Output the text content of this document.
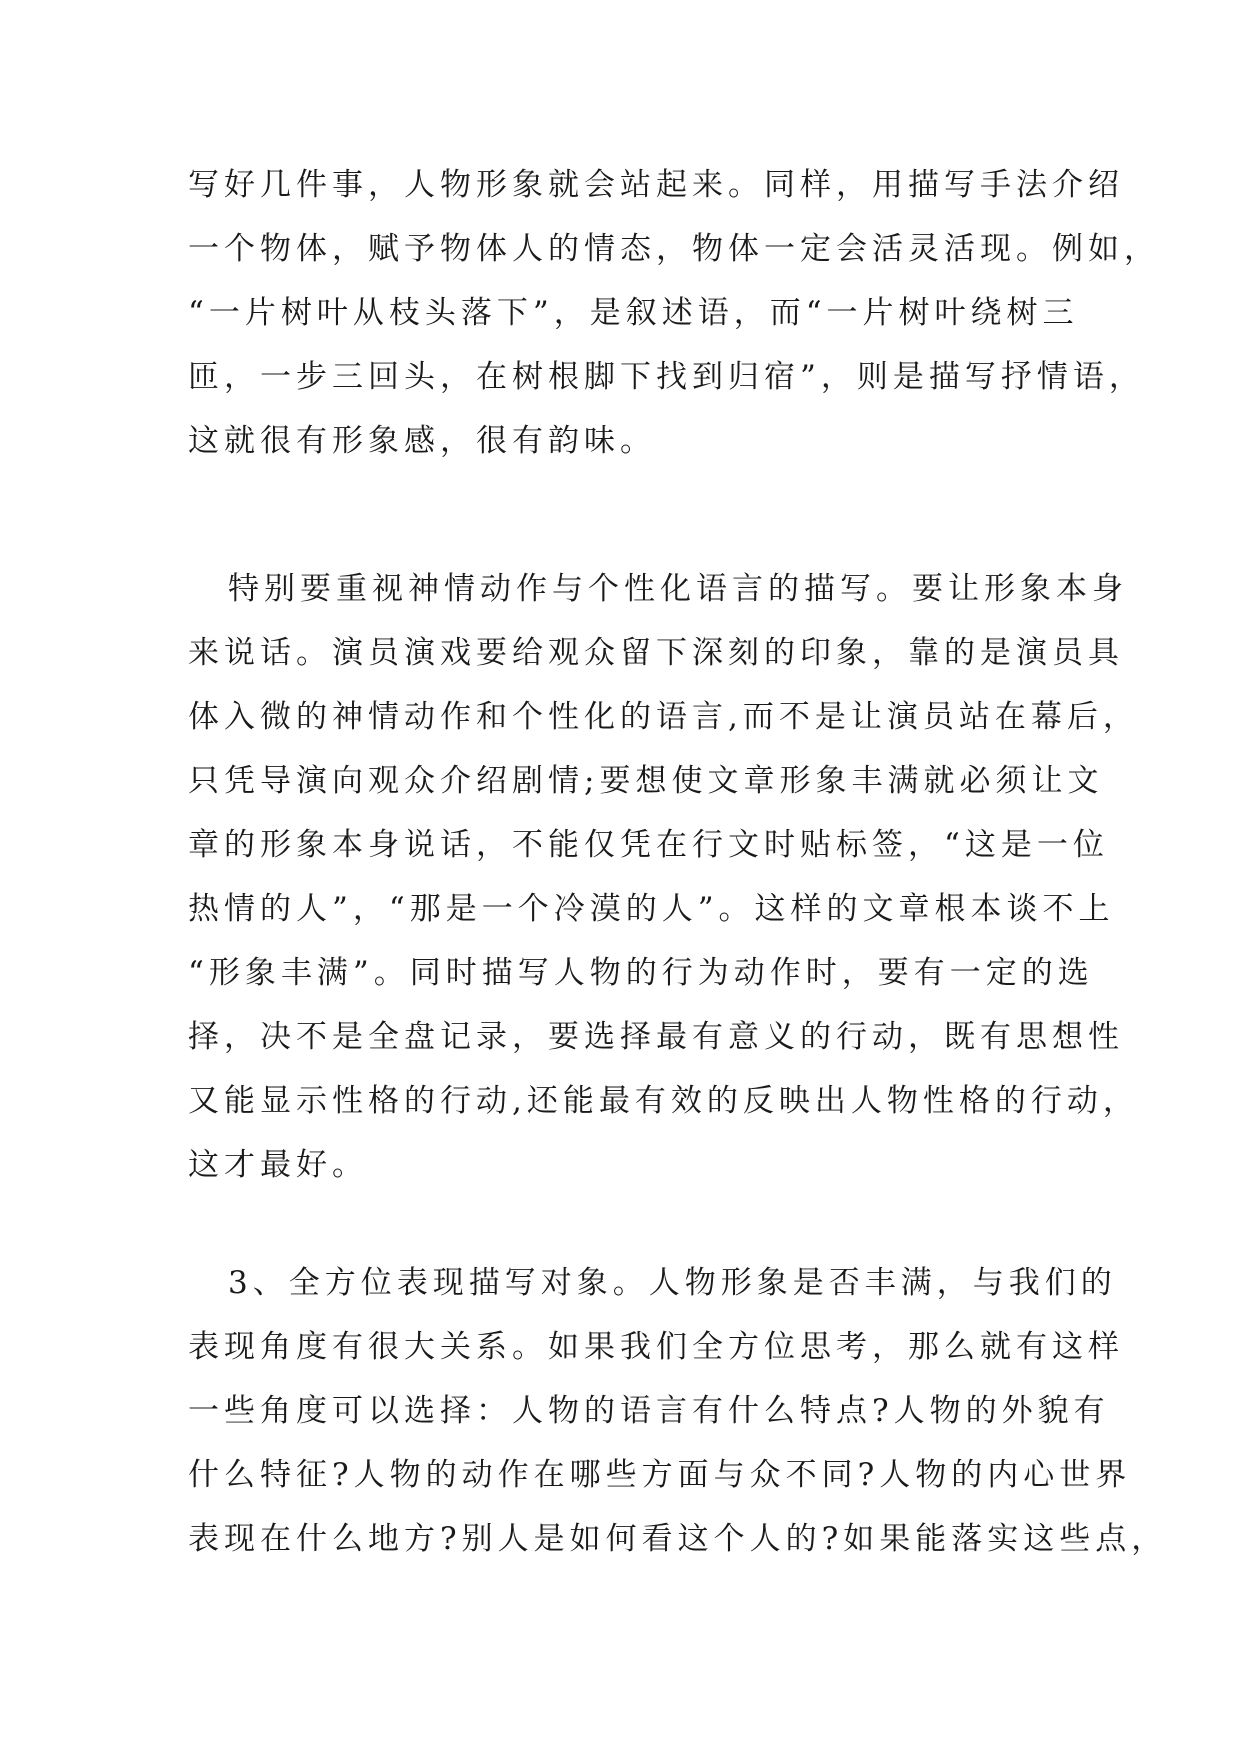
写好几件事，人物形象就会站起来。同样，用描写手法介绍
一个物体，赋予物体人的情态，物体一定会活灵活现。例如，
“一片树叶从枝头落下”，是叙述语，而“一片树叶绕树三
匝，一步三回头，在树根脚下找到归宿”，则是描写抒情语，
这就很有形象感，很有韵味。
特别要重视神情动作与个性化语言的描写。要让形象本身
来说话。演员演戏要给观众留下深刻的印象，靠的是演员具
体入微的神情动作和个性化的语言,而不是让演员站在幕后，
只凭导演向观众介绍剧情;要想使文章形象丰满就必须让文
章的形象本身说话，不能仅凭在行文时贴标签，“这是一位
热情的人”，“那是一个冷漠的人”。这样的文章根本谈不上
“形象丰满”。同时描写人物的行为动作时，要有一定的选
择，决不是全盘记录，要选择最有意义的行动，既有思想性
又能显示性格的行动,还能最有效的反映出人物性格的行动，
这才最好。
3、全方位表现描写对象。人物形象是否丰满，与我们的
表现角度有很大关系。如果我们全方位思考，那么就有这样
一些角度可以选择：人物的语言有什么特点?人物的外貌有
什么特征?人物的动作在哪些方面与众不同?人物的内心世界
表现在什么地方?别人是如何看这个人的?如果能落实这些点，
